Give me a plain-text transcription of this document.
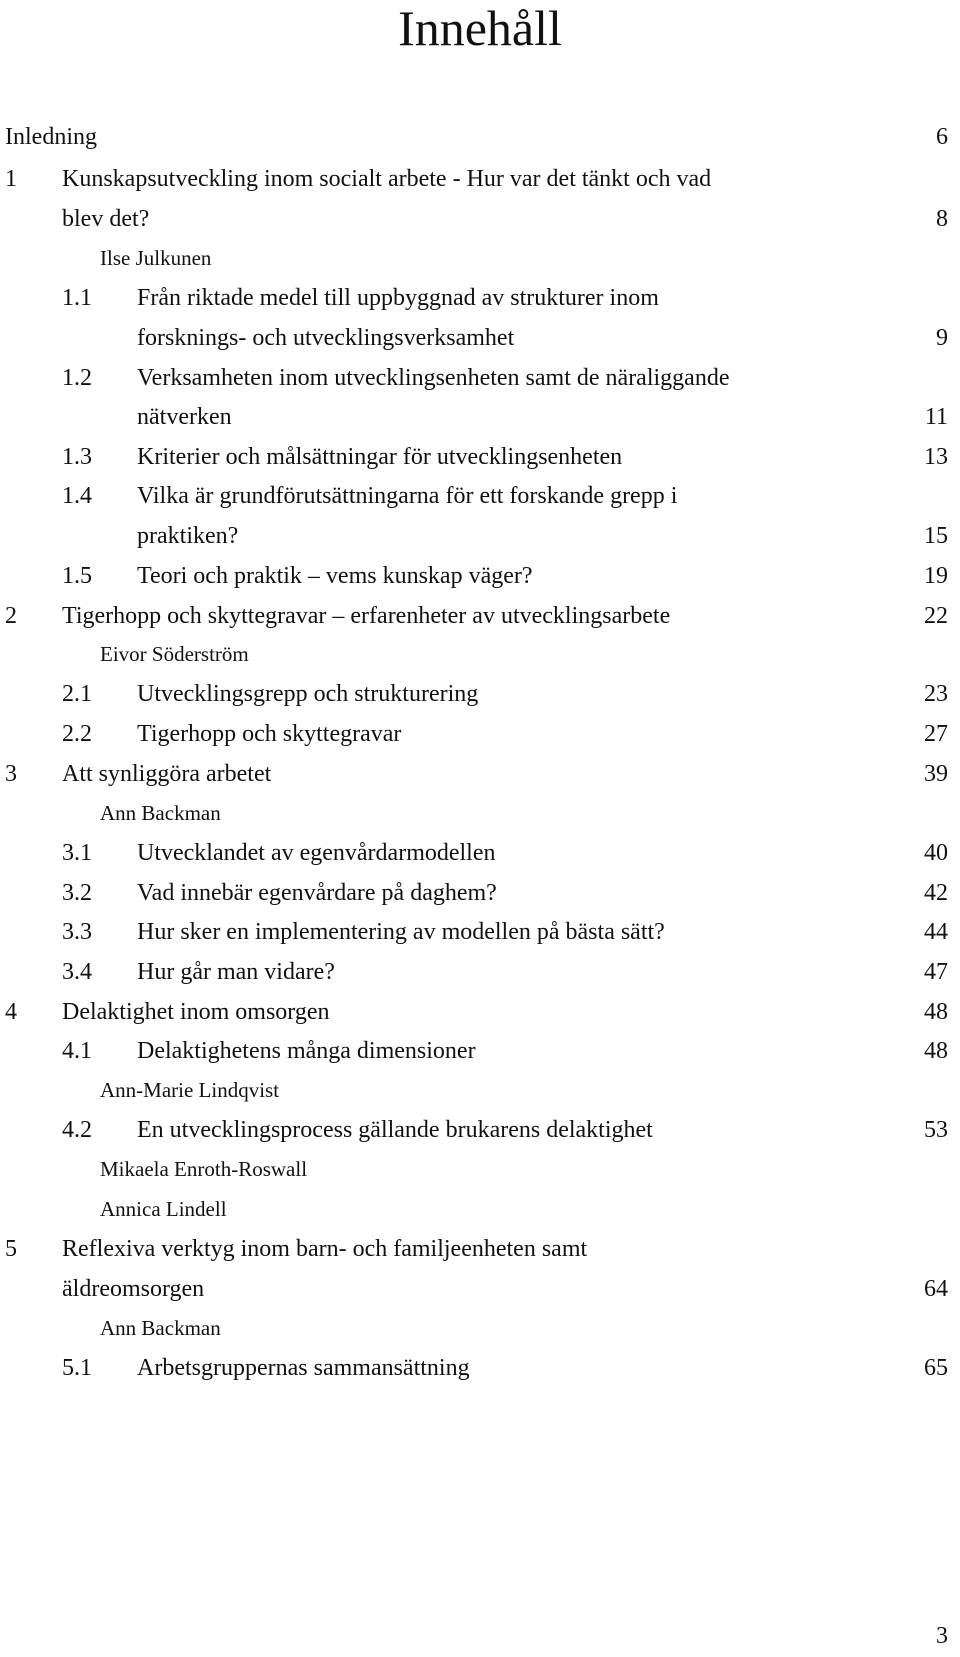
Innehåll
Inledning	6
1 Kunskapsutveckling inom socialt arbete - Hur var det tänkt och vad
blev det?	8
Ilse Julkunen
1.1 Från riktade medel till uppbyggnad av strukturer inom
forsknings- och utvecklingsverksamhet	9
1.2 Verksamheten inom utvecklingsenheten samt de näraliggande
nätverken	11
1.3 Kriterier och målsättningar för utvecklingsenheten	13
1.4 Vilka är grundförutsättningarna för ett forskande grepp i
praktiken?	15
1.5 Teori och praktik – vems kunskap väger?	19
2 Tigerhopp och skyttegravar – erfarenheter av utvecklingsarbete	22
Eivor Söderström
2.1 Utvecklingsgrepp och strukturering	23
2.2 Tigerhopp och skyttegravar	27
3 Att synliggöra arbetet	39
Ann Backman
3.1 Utvecklandet av egenvårdarmodellen	40
3.2 Vad innebär egenvårdare på daghem?	42
3.3 Hur sker en implementering av modellen på bästa sätt?	44
3.4 Hur går man vidare?	47
4 Delaktighet inom omsorgen	48
4.1 Delaktighetens många dimensioner	48
Ann-Marie Lindqvist
4.2 En utvecklingsprocess gällande brukarens delaktighet	53
Mikaela Enroth-Roswall
Annica Lindell
5 Reflexiva verktyg inom barn- och familjeenheten samt
äldreomsorgen	64
Ann Backman
5.1 Arbetsgruppernas sammansättning	65
3
